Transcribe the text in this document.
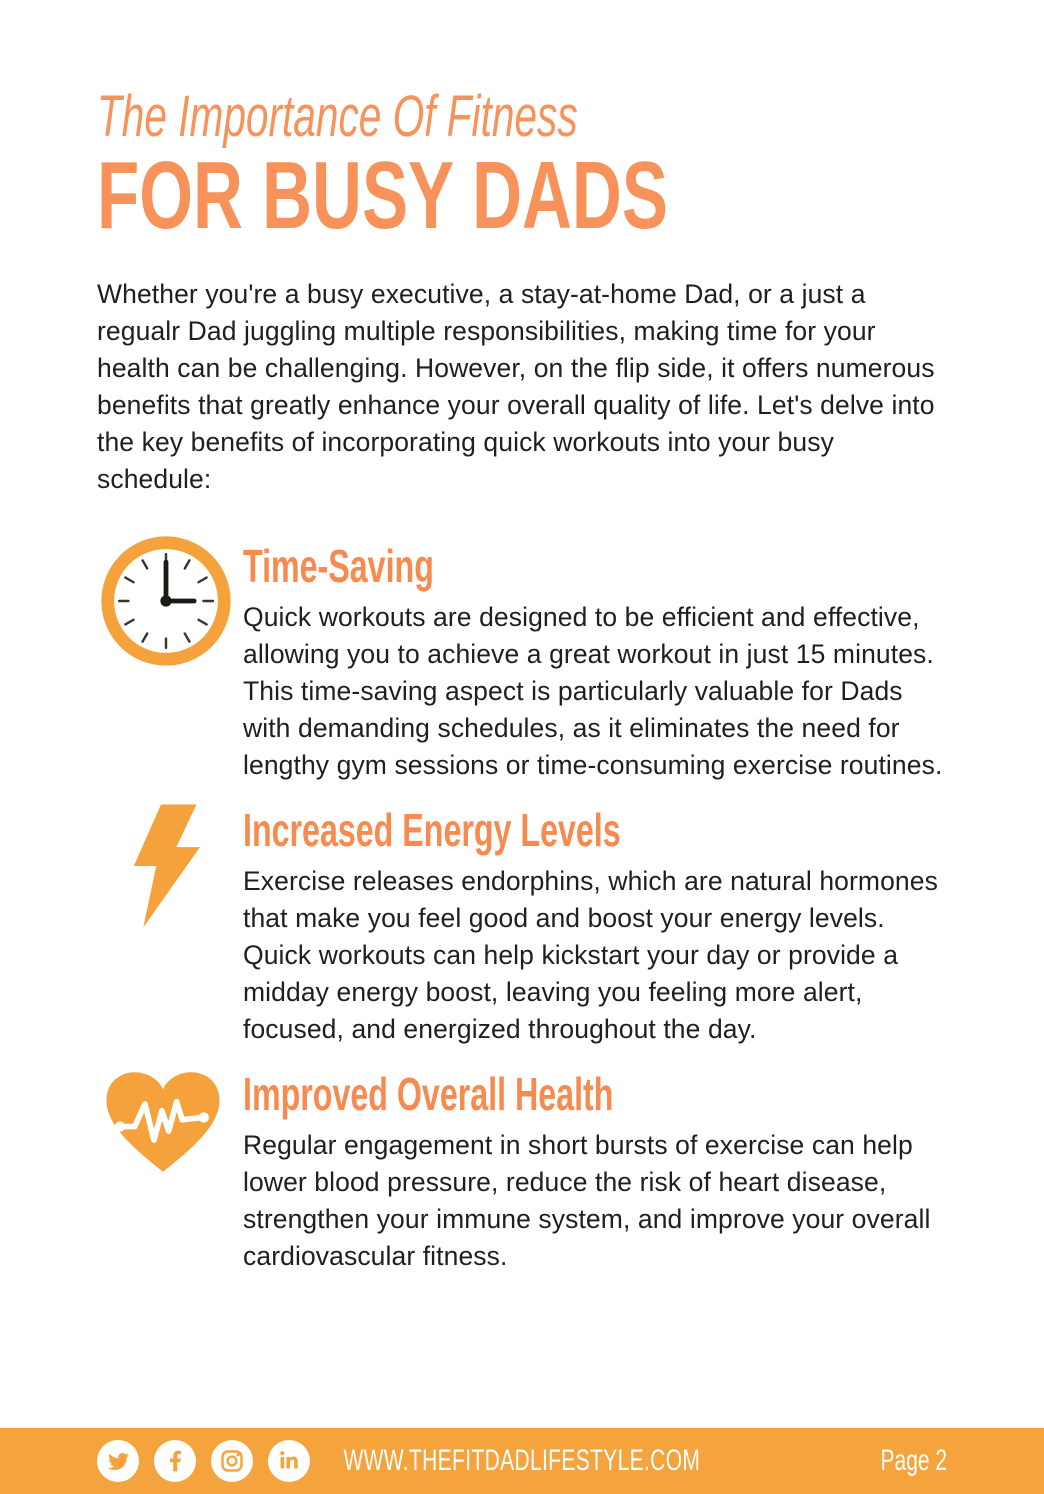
The Importance Of Fitness
FOR BUSY DADS

Whether you're a busy executive, a stay-at-home Dad, or a just a regualr Dad juggling multiple responsibilities, making time for your health can be challenging. However, on the flip side, it offers numerous benefits that greatly enhance your overall quality of life. Let's delve into the key benefits of incorporating quick workouts into your busy schedule:

Time-Saving

Quick workouts are designed to be efficient and effective, allowing you to achieve a great workout in just 15 minutes. This time-saving aspect is particularly valuable for Dads with demanding schedules, as it eliminates the need for lengthy gym sessions or time-consuming exercise routines.

Increased Energy Levels

Exercise releases endorphins, which are natural hormones that make you feel good and boost your energy levels. Quick workouts can help kickstart your day or provide a midday energy boost, leaving you feeling more alert, focused, and energized throughout the day.

Improved Overall Health

Regular engagement in short bursts of exercise can help lower blood pressure, reduce the risk of heart disease, strengthen your immune system, and improve your overall cardiovascular fitness.

WWW.THEFITDADLIFESTYLE.COM	Page 2
